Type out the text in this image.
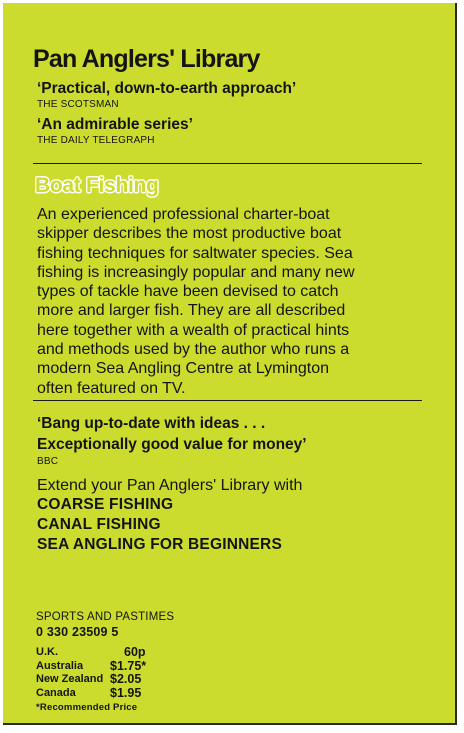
Pan Anglers' Library
‘Practical, down-to-earth approach’
THE SCOTSMAN
‘An admirable series’
THE DAILY TELEGRAPH
Boat Fishing

An experienced professional charter-boat
skipper describes the most productive boat
fishing techniques for saltwater species. Sea
fishing is increasingly popular and many new
types of tackle have been devised to catch
more and larger fish. They are all described
here together with a wealth of practical hints
and methods used by the author who runs a
modern Sea Angling Centre at Lymington
often featured on TV.

‘Bang up-to-date with ideas . . .
Exceptionally good value for money’
BBC
Extend your Pan Anglers' Library with
COARSE FISHING
CANAL FISHING
SEA ANGLING FOR BEGINNERS
SPORTS AND PASTIMES
0 330 23509 5
U.K.	60p
Australia	$1.75*
New Zealand	$2.05
Canada	$1.95
*Recommended Price
